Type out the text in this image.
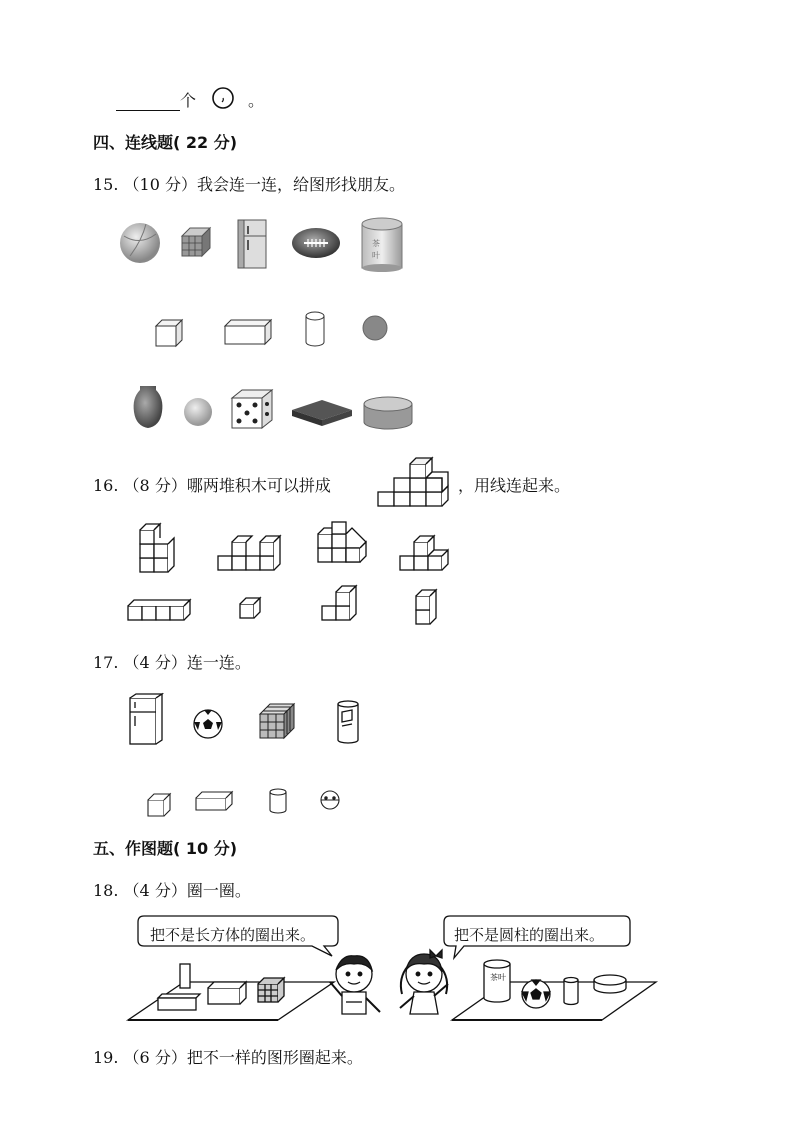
个	。
四、连线题( 22 分)
15. （10 分）我会连一连，给图形找朋友。
茶
叶
16. （8 分）哪两堆积木可以拼成	，用线连起来。
17. （4 分）连一连。
五、作图题( 10 分)
18. （4 分）圈一圈。
茶叶
把不是长方体的圈出来。	把不是圆柱的圈出来。
19. （6 分）把不一样的图形圈起来。
